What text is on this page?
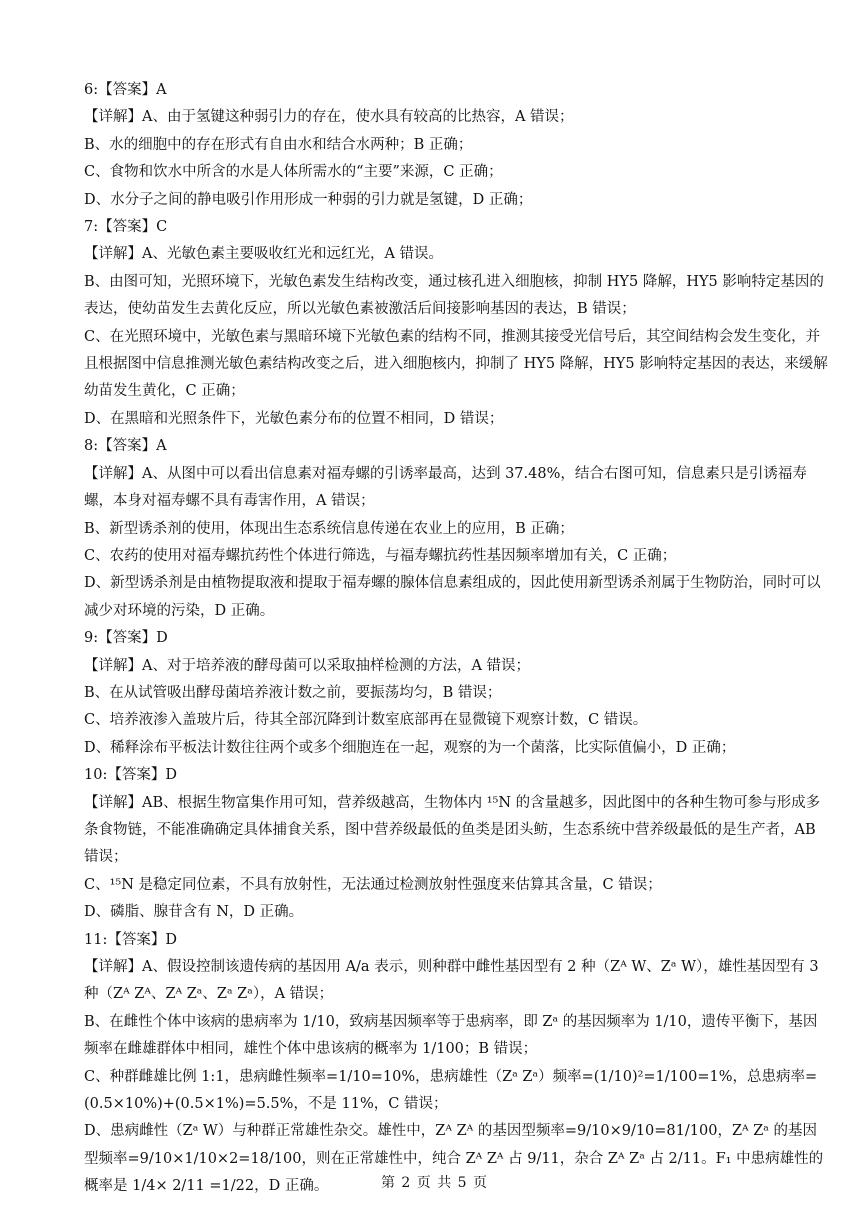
6:【答案】A

【详解】A、由于氢键这种弱引力的存在，使水具有较高的比热容，A 错误；

B、水的细胞中的存在形式有自由水和结合水两种；B 正确；

C、食物和饮水中所含的水是人体所需水的“主要”来源，C 正确；

D、水分子之间的静电吸引作用形成一种弱的引力就是氢键，D 正确；

7:【答案】C

【详解】A、光敏色素主要吸收红光和远红光，A 错误。

B、由图可知，光照环境下，光敏色素发生结构改变，通过核孔进入细胞核，抑制 HY5 降解，HY5 影响特定基因的表达，使幼苗发生去黄化反应，所以光敏色素被激活后间接影响基因的表达，B 错误；

C、在光照环境中，光敏色素与黑暗环境下光敏色素的结构不同，推测其接受光信号后，其空间结构会发生变化，并且根据图中信息推测光敏色素结构改变之后，进入细胞核内，抑制了 HY5 降解，HY5 影响特定基因的表达，来缓解幼苗发生黄化，C 正确；

D、在黑暗和光照条件下，光敏色素分布的位置不相同，D 错误；

8:【答案】A

【详解】A、从图中可以看出信息素对福寿螺的引诱率最高，达到 37.48%，结合右图可知，信息素只是引诱福寿螺，本身对福寿螺不具有毒害作用，A 错误；

B、新型诱杀剂的使用，体现出生态系统信息传递在农业上的应用，B 正确；

C、农药的使用对福寿螺抗药性个体进行筛选，与福寿螺抗药性基因频率增加有关，C 正确；

D、新型诱杀剂是由植物提取液和提取于福寿螺的腺体信息素组成的，因此使用新型诱杀剂属于生物防治，同时可以减少对环境的污染，D 正确。

9:【答案】D

【详解】A、对于培养液的酵母菌可以采取抽样检测的方法，A 错误；

B、在从试管吸出酵母菌培养液计数之前，要振荡均匀，B 错误；

C、培养液渗入盖玻片后，待其全部沉降到计数室底部再在显微镜下观察计数，C 错误。

D、稀释涂布平板法计数往往两个或多个细胞连在一起，观察的为一个菌落，比实际值偏小，D 正确；

10:【答案】D

【详解】AB、根据生物富集作用可知，营养级越高，生物体内 ¹⁵N 的含量越多，因此图中的各种生物可参与形成多条食物链，不能准确确定具体捕食关系，图中营养级最低的鱼类是团头鲂，生态系统中营养级最低的是生产者，AB 错误；

C、¹⁵N 是稳定同位素，不具有放射性，无法通过检测放射性强度来估算其含量，C 错误；

D、磷脂、腺苷含有 N，D 正确。

11:【答案】D

【详解】A、假设控制该遗传病的基因用 A/a 表示，则种群中雌性基因型有 2 种（Zᴬ W、Zᵃ W），雄性基因型有 3 种（Zᴬ Zᴬ、Zᴬ Zᵃ、Zᵃ Zᵃ），A 错误；

B、在雌性个体中该病的患病率为 1/10，致病基因频率等于患病率，即 Zᵃ 的基因频率为 1/10，遗传平衡下，基因频率在雌雄群体中相同，雄性个体中患该病的概率为 1/100；B 错误；

C、种群雌雄比例 1:1，患病雌性频率=1/10=10%，患病雄性（Zᵃ Zᵃ）频率=(1/10)²=1/100=1%，总患病率=(0.5×10%)+(0.5×1%)=5.5%，不是 11%，C 错误；

D、患病雌性（Zᵃ W）与种群正常雄性杂交。雄性中，Zᴬ Zᴬ 的基因型频率=9/10×9/10=81/100，Zᴬ Zᵃ 的基因型频率=9/10×1/10×2=18/100，则在正常雄性中，纯合 Zᴬ Zᴬ 占 9/11，杂合 Zᴬ Zᵃ 占 2/11。F₁ 中患病雄性的概率是 1/4× 2/11 =1/22，D 正确。	第 2 页 共 5 页
